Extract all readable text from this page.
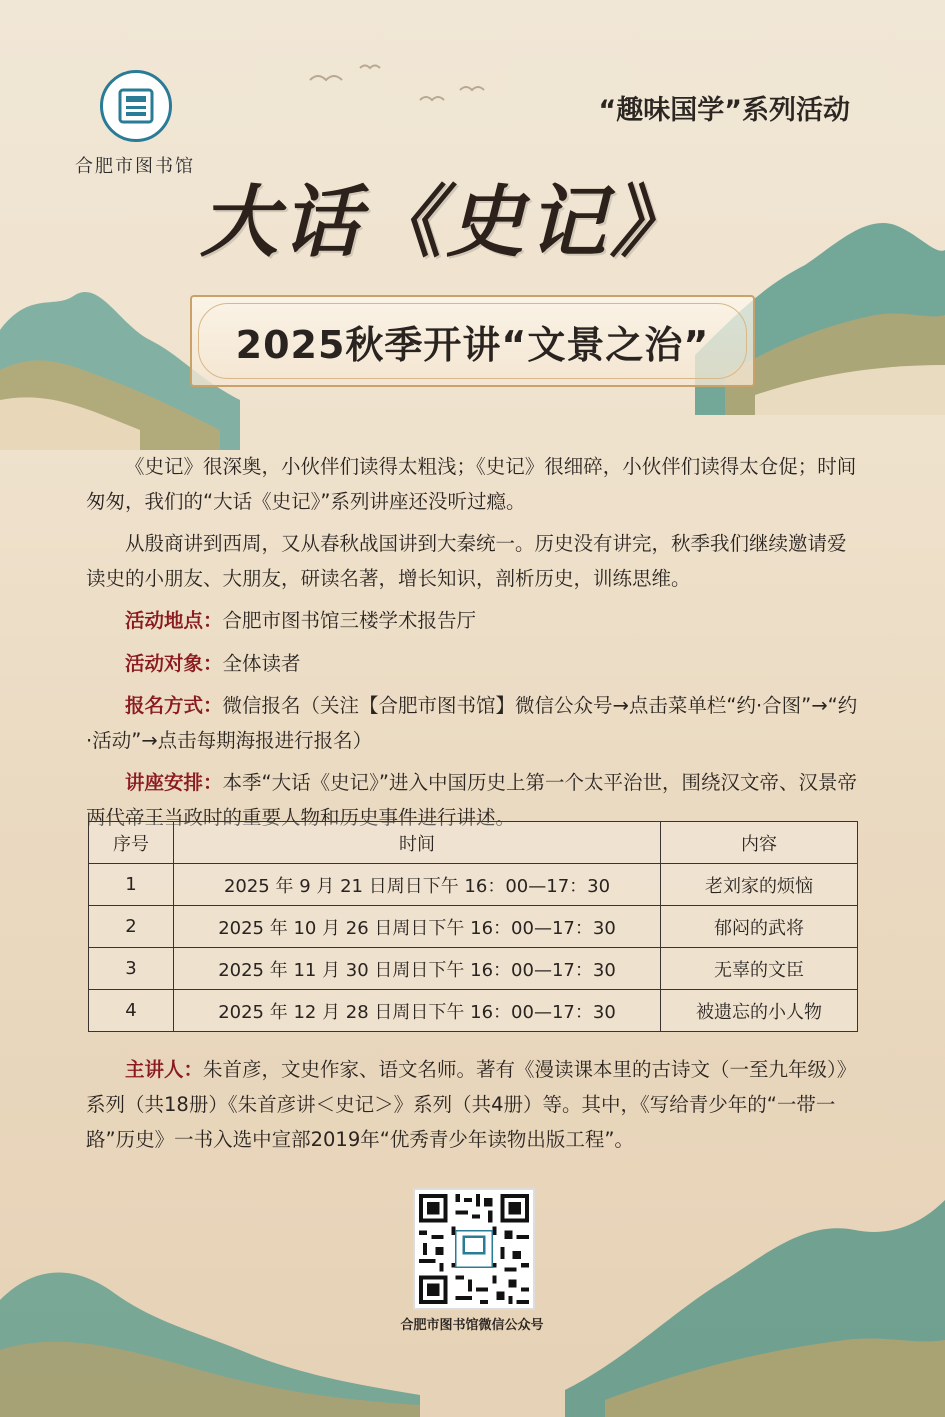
合肥市图书馆
“趣味国学”系列活动
大话《史记》
2025秋季开讲“文景之治”

《史记》很深奥，小伙伴们读得太粗浅；《史记》很细碎，小伙伴们读得太仓促；时间匆匆，我们的“大话《史记》”系列讲座还没听过瘾。

从殷商讲到西周，又从春秋战国讲到大秦统一。历史没有讲完，秋季我们继续邀请爱读史的小朋友、大朋友，研读名著，增长知识，剖析历史，训练思维。

活动地点：合肥市图书馆三楼学术报告厅

活动对象：全体读者

报名方式：微信报名（关注【合肥市图书馆】微信公众号→点击菜单栏“约·合图”→“约·活动”→点击每期海报进行报名）

讲座安排：本季“大话《史记》”进入中国历史上第一个太平治世，围绕汉文帝、汉景帝两代帝王当政时的重要人物和历史事件进行讲述。

序号	时间	内容
1	2025 年 9 月 21 日周日下午 16：00—17：30	老刘家的烦恼
2	2025 年 10 月 26 日周日下午 16：00—17：30	郁闷的武将
3	2025 年 11 月 30 日周日下午 16：00—17：30	无辜的文臣
4	2025 年 12 月 28 日周日下午 16：00—17：30	被遗忘的小人物
主讲人：朱首彦，文史作家、语文名师。著有《漫读课本里的古诗文（一至九年级）》系列（共18册）《朱首彦讲＜史记＞》系列（共4册）等。其中，《写给青少年的“一带一路”历史》一书入选中宣部2019年“优秀青少年读物出版工程”。
合肥市图书馆微信公众号
